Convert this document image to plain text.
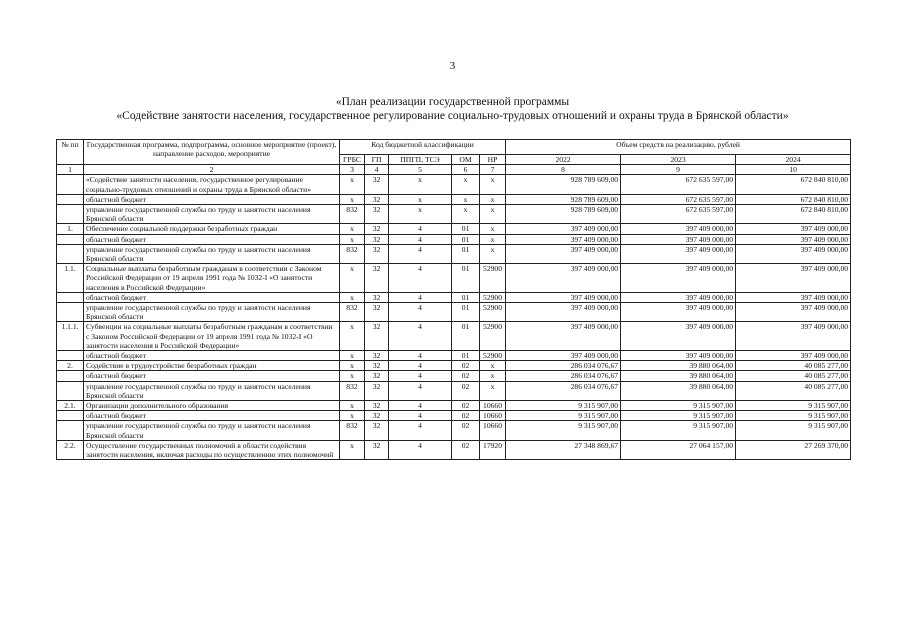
3
«План реализации государственной программы
«Содействие занятости населения, государственное регулирование социально-трудовых отношений и охраны труда в Брянской области»
№ пп	Государственная программа, подпрограмма, основное мероприятие (проект), направление расходов, мероприятие	Код бюджетной классификации					Объем средств на реализацию, рублей		
		ГРБС	ГП	ППГП, ТСЭ	ОМ	НР	2022	2023	2024
1	2	3	4	5	6	7	8	9	10
	«Содействие занятости населения, государственное регулирование социально-трудовых отношений и охраны труда в Брянской области»	x	32	x	x	x	928 789 609,00	672 635 597,00	672 840 810,00
	областной бюджет	x	32	x	x	x	928 789 609,00	672 635 597,00	672 840 810,00
	управление государственной службы по труду и занятости населения Брянской области	832	32	x	x	x	928 789 609,00	672 635 597,00	672 840 810,00
1.	Обеспечение социальной поддержки безработных граждан	x	32	4	01	x	397 409 000,00	397 409 000,00	397 409 000,00
	областной бюджет	x	32	4	01	x	397 409 000,00	397 409 000,00	397 409 000,00
	управление государственной службы по труду и занятости населения Брянской области	832	32	4	01	x	397 409 000,00	397 409 000,00	397 409 000,00
1.1.	Социальные выплаты безработным гражданам в соответствии с Законом Российской Федерации от 19 апреля 1991 года № 1032-I «О занятости населения в Российской Федерации»	x	32	4	01	52900	397 409 000,00	397 409 000,00	397 409 000,00
	областной бюджет	x	32	4	01	52900	397 409 000,00	397 409 000,00	397 409 000,00
	управление государственной службы по труду и занятости населения Брянской области	832	32	4	01	52900	397 409 000,00	397 409 000,00	397 409 000,00
1.1.1.	Субвенции на социальные выплаты безработным гражданам в соответствии с Законом Российской Федерации от 19 апреля 1991 года № 1032-I «О занятости населения в Российской Федерации»	x	32	4	01	52900	397 409 000,00	397 409 000,00	397 409 000,00
	областной бюджет	x	32	4	01	52900	397 409 000,00	397 409 000,00	397 409 000,00
2.	Содействие в трудоустройстве безработных граждан	x	32	4	02	x	286 034 076,67	39 880 064,00	40 085 277,00
	областной бюджет	x	32	4	02	x	286 034 076,67	39 880 064,00	40 085 277,00
	управление государственной службы по труду и занятости населения Брянской области	832	32	4	02	x	286 034 076,67	39 880 064,00	40 085 277,00
2.1.	Организации дополнительного образования	x	32	4	02	10660	9 315 907,00	9 315 907,00	9 315 907,00
	областной бюджет	x	32	4	02	10660	9 315 907,00	9 315 907,00	9 315 907,00
	управление государственной службы по труду и занятости населения Брянской области	832	32	4	02	10660	9 315 907,00	9 315 907,00	9 315 907,00
2.2.	Осуществление государственных полномочий в области содействия занятости населения, включая расходы по осуществлению этих полномочий	x	32	4	02	17920	27 348 869,67	27 064 157,00	27 269 370,00
